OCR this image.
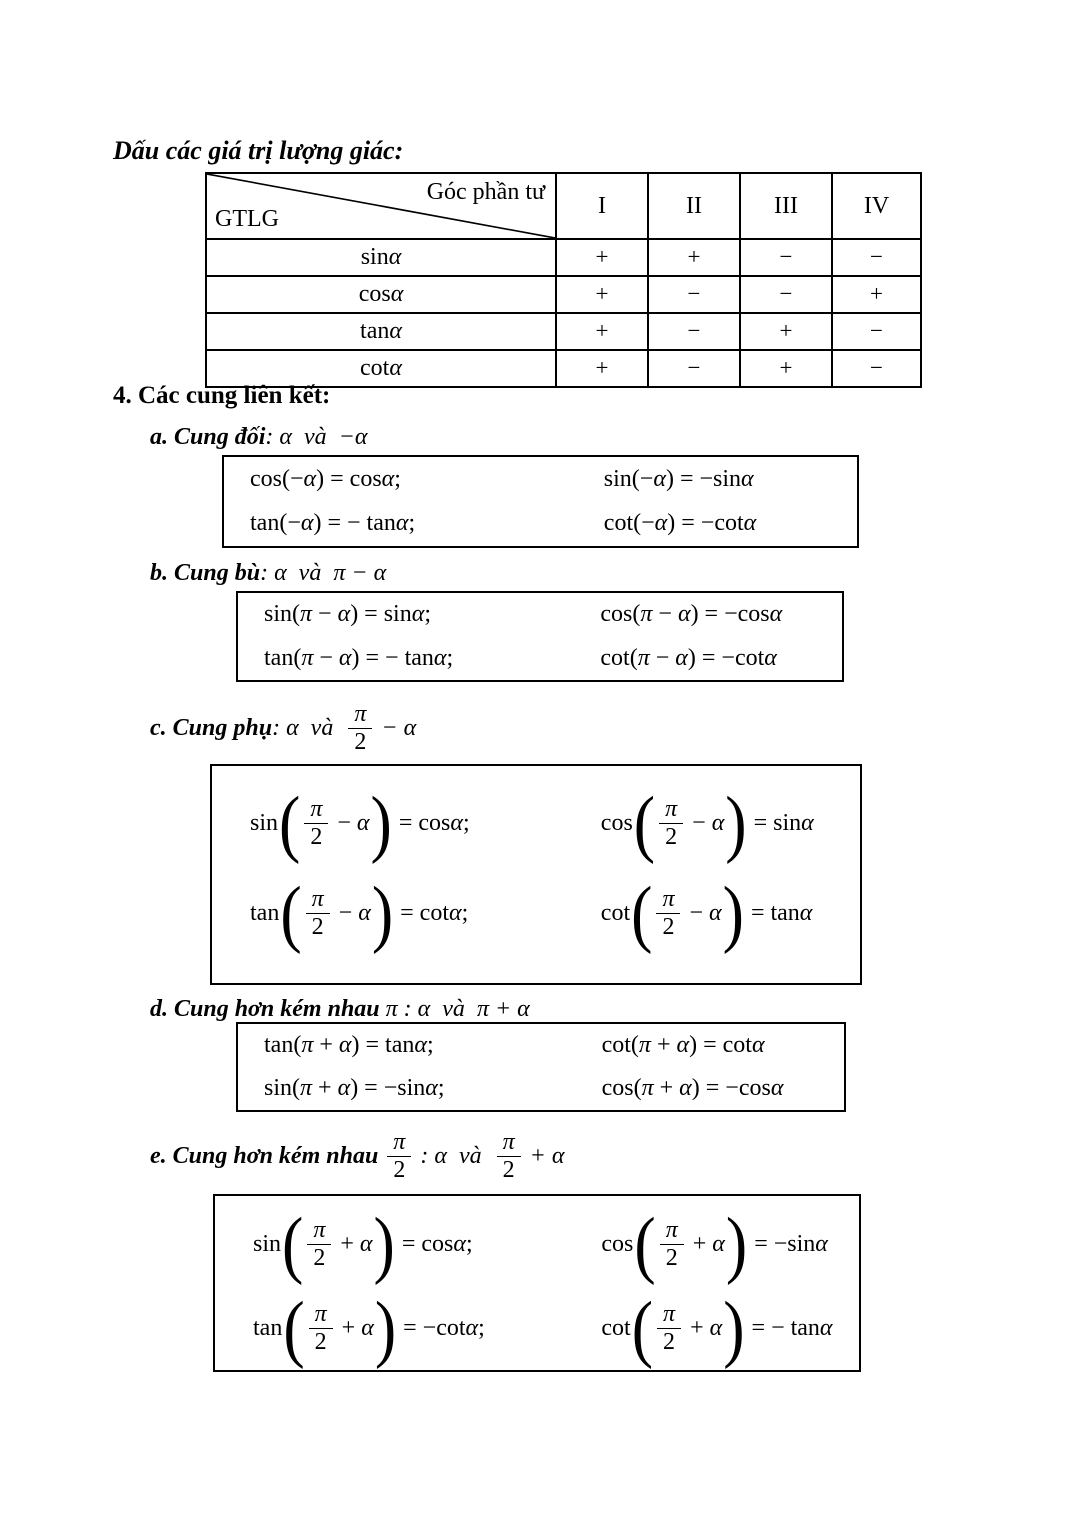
Dấu các giá trị lượng giác:
Góc phần tư
GTLG	I	II	III	IV

sin α	+	+	−	−

cos α	+	−	−	+

tan α	+	−	+	−

cot α	+	−	+	−
4. Các cung liên kết:
a. Cung đối : α
và − α
cos(− α ) = cos α ;	sin(− α ) = −sin α
tan(− α ) = − tan α ;	cot(− α ) = −cot α
b. Cung bù : α
và
π − α
sin( π − α ) = sin α ;	cos( π − α ) = −cos α
tan( π − α ) = − tan α ;	cot( π − α ) = −cot α
c. Cung phụ : α
và
$\frac{\pi}{2} - \alpha$
sin ( $\frac{\pi}{2} - \alpha$ ) = cos α ;	cos ( $\frac{\pi}{2} - \alpha$ ) = sin α
tan ( $\frac{\pi}{2} - \alpha$ ) = cot α ;	cot ( $\frac{\pi}{2} - \alpha$ ) = tan α
d. Cung hơn kém nhau
π : α
và
π + α
tan( π + α ) = tan α ;	cot( π + α ) = cot α
sin( π + α ) = −sin α ;	cos( π + α ) = −cos α
e. Cung hơn kém nhau
$\frac{\pi}{2}$ : α
và
$\frac{\pi}{2} + \alpha$
sin ( $\frac{\pi}{2} + \alpha$ ) = cos α ;	cos ( $\frac{\pi}{2} + \alpha$ ) = −sin α
tan ( $\frac{\pi}{2} + \alpha$ ) = −cot α ;	cot ( $\frac{\pi}{2} + \alpha$ ) = − tan α
